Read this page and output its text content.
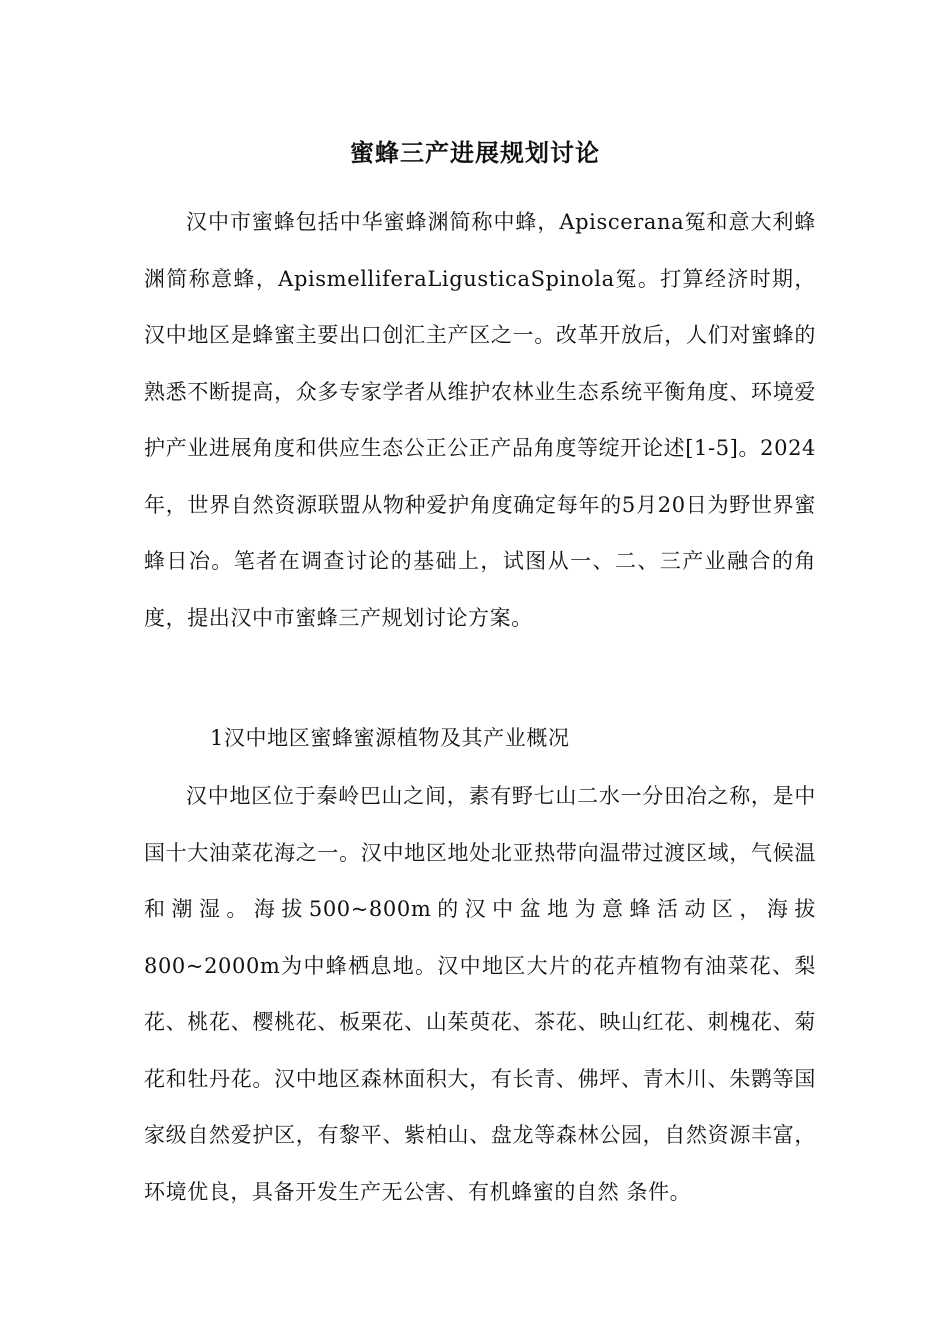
蜜蜂三产进展规划讨论

汉中市蜜蜂包括中华蜜蜂渊简称中蜂，Apiscerana冤和意大利蜂渊简称意蜂，ApismelliferaLigusticaSpinola冤。打算经济时期，汉中地区是蜂蜜主要出口创汇主产区之一。改革开放后，人们对蜜蜂的熟悉不断提高，众多专家学者从维护农林业生态系统平衡角度、环境爱护产业进展角度和供应生态公正公正产品角度等绽开论述[1-5]。2024年，世界自然资源联盟从物种爱护角度确定每年的5月20日为野世界蜜蜂日冶。笔者在调查讨论的基础上，试图从一、二、三产业融合的角度，提出汉中市蜜蜂三产规划讨论方案。

1汉中地区蜜蜂蜜源植物及其产业概况

汉中地区位于秦岭巴山之间，素有野七山二水一分田冶之称，是中国十大油菜花海之一。汉中地区地处北亚热带向温带过渡区域，气候温和潮湿。海拔500~800m的汉中盆地为意蜂活动区，海拔800~2000m为中蜂栖息地。汉中地区大片的花卉植物有油菜花、梨花、桃花、樱桃花、板栗花、山茱萸花、茶花、映山红花、刺槐花、菊花和牡丹花。汉中地区森林面积大，有长青、佛坪、青木川、朱鹮等国家级自然爱护区，有黎平、紫柏山、盘龙等森林公园，自然资源丰富，环境优良，具备开发生产无公害、有机蜂蜜的自然 条件。
